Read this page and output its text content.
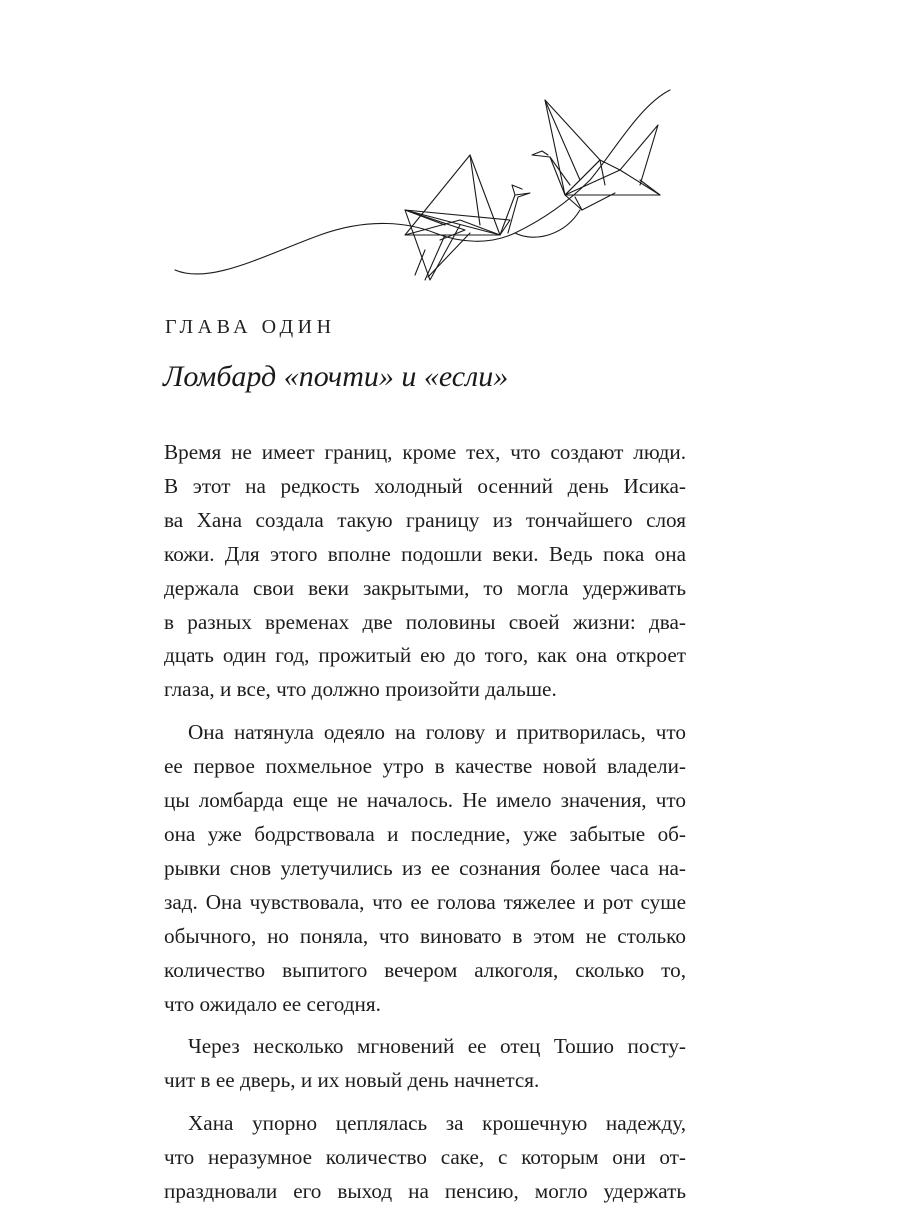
ГЛАВА ОДИН
Ломбард «почти» и «если»
Время не имеет границ, кроме тех, что создают люди.
В этот на редкость холодный осенний день Исика-
ва Хана создала такую границу из тончайшего слоя
кожи. Для этого вполне подошли веки. Ведь пока она
держала свои веки закрытыми, то могла удерживать
в разных временах две половины своей жизни: два-
дцать один год, прожитый ею до того, как она откроет
глаза, и все, что должно произойти дальше.
Она натянула одеяло на голову и притворилась, что
ее первое похмельное утро в качестве новой владели-
цы ломбарда еще не началось. Не имело значения, что
она уже бодрствовала и последние, уже забытые об-
рывки снов улетучились из ее сознания более часа на-
зад. Она чувствовала, что ее голова тяжелее и рот суше
обычного, но поняла, что виновато в этом не столько
количество выпитого вечером алкоголя, сколько то,
что ожидало ее сегодня.
Через несколько мгновений ее отец Тошио посту-
чит в ее дверь, и их новый день начнется.
Хана упорно цеплялась за крошечную надежду,
что неразумное количество саке, с которым они от-
праздновали его выход на пенсию, могло удержать
